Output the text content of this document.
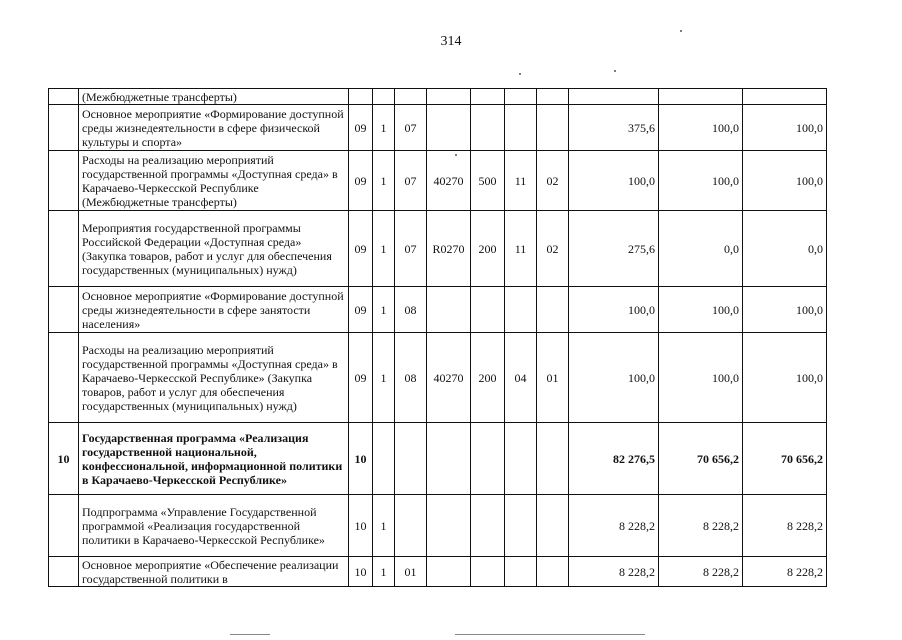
314
	(Межбюджетные трансферты)										
	Основное мероприятие «Формирование доступной среды жизнедеятельности в сфере физической культуры и спорта»	09	1	07					375,6	100,0	100,0
	Расходы на реализацию мероприятий государственной программы «Доступная среда» в Карачаево-Черкесской Республике (Межбюджетные трансферты)	09	1	07	40270	500	11	02	100,0	100,0	100,0
	Мероприятия государственной программы Российской Федерации «Доступная среда» (Закупка товаров, работ и услуг для обеспечения государственных (муниципальных) нужд)	09	1	07	R0270	200	11	02	275,6	0,0	0,0
	Основное мероприятие «Формирование доступной среды жизнедеятельности в сфере занятости населения»	09	1	08					100,0	100,0	100,0
	Расходы на реализацию мероприятий государственной программы «Доступная среда» в Карачаево-Черкесской Республике» (Закупка товаров, работ и услуг для обеспечения государственных (муниципальных) нужд)	09	1	08	40270	200	04	01	100,0	100,0	100,0
10	Государственная программа «Реализация государственной национальной, конфессиональной, информационной политики в Карачаево-Черкесской Республике»	10							82 276,5	70 656,2	70 656,2
	Подпрограмма «Управление Государственной программой «Реализация государственной политики в Карачаево-Черкесской Республике»	10	1						8 228,2	8 228,2	8 228,2
	Основное мероприятие «Обеспечение реализации государственной политики в	10	1	01					8 228,2	8 228,2	8 228,2
